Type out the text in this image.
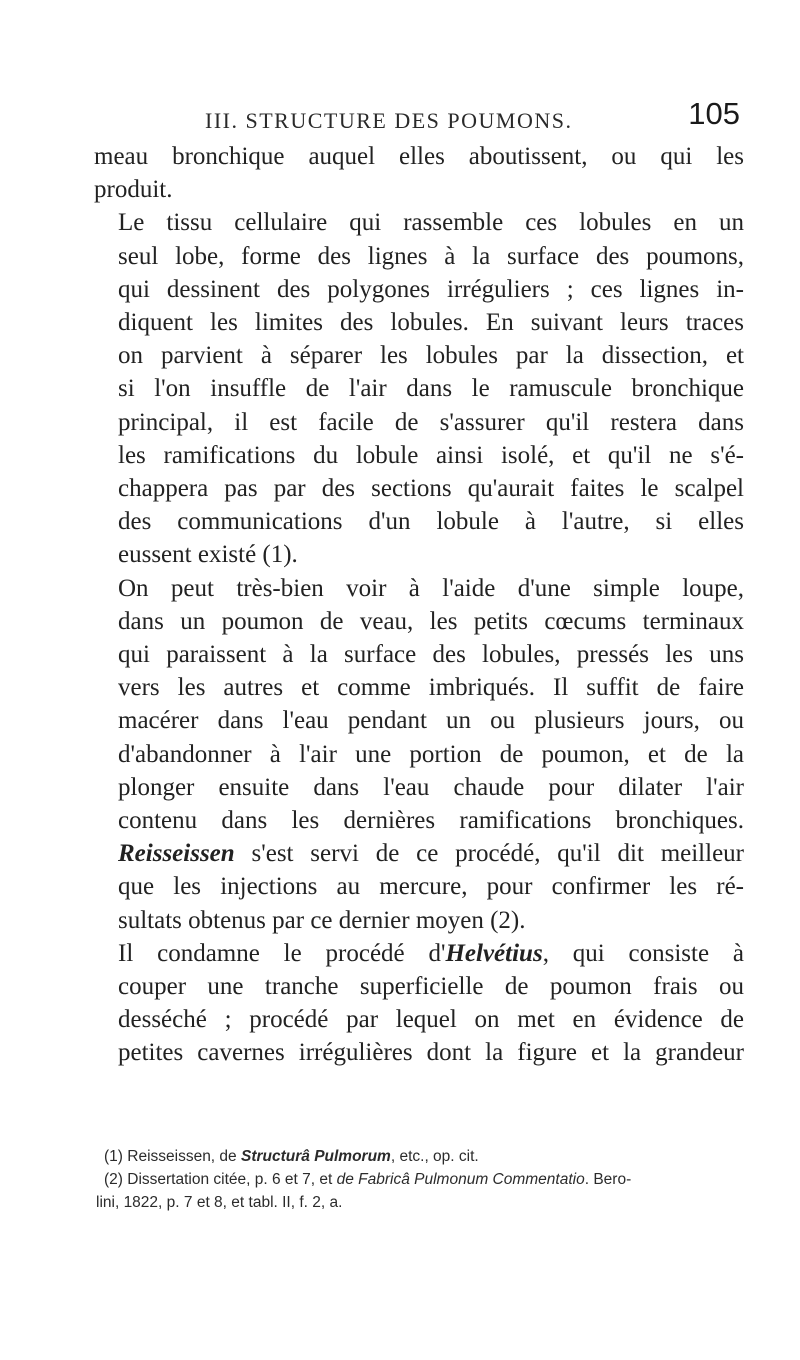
III. STRUCTURE DES POUMONS.	105

meau bronchique auquel elles aboutissent, ou qui les
produit.

Le tissu cellulaire qui rassemble ces lobules en un
seul lobe, forme des lignes à la surface des poumons,
qui dessinent des polygones irréguliers ; ces lignes in-
diquent les limites des lobules. En suivant leurs traces
on parvient à séparer les lobules par la dissection, et
si l'on insuffle de l'air dans le ramuscule bronchique
principal, il est facile de s'assurer qu'il restera dans
les ramifications du lobule ainsi isolé, et qu'il ne s'é-
chappera pas par des sections qu'aurait faites le scalpel
des communications d'un lobule à l'autre, si elles
eussent existé (1).

On peut très-bien voir à l'aide d'une simple loupe,
dans un poumon de veau, les petits cœcums terminaux
qui paraissent à la surface des lobules, pressés les uns
vers les autres et comme imbriqués. Il suffit de faire
macérer dans l'eau pendant un ou plusieurs jours, ou
d'abandonner à l'air une portion de poumon, et de la
plonger ensuite dans l'eau chaude pour dilater l'air
contenu dans les dernières ramifications bronchiques.
Reisseissen s'est servi de ce procédé, qu'il dit meilleur
que les injections au mercure, pour confirmer les ré-
sultats obtenus par ce dernier moyen (2).

Il condamne le procédé d'Helvétius, qui consiste à
couper une tranche superficielle de poumon frais ou
desséché ; procédé par lequel on met en évidence de
petites cavernes irrégulières dont la figure et la grandeur

(1) Reisseissen, de Structurâ Pulmorum, etc., op. cit.

(2) Dissertation citée, p. 6 et 7, et de Fabricâ Pulmonum Commentatio. Bero-
lini, 1822, p. 7 et 8, et tabl. II, f. 2, a.
